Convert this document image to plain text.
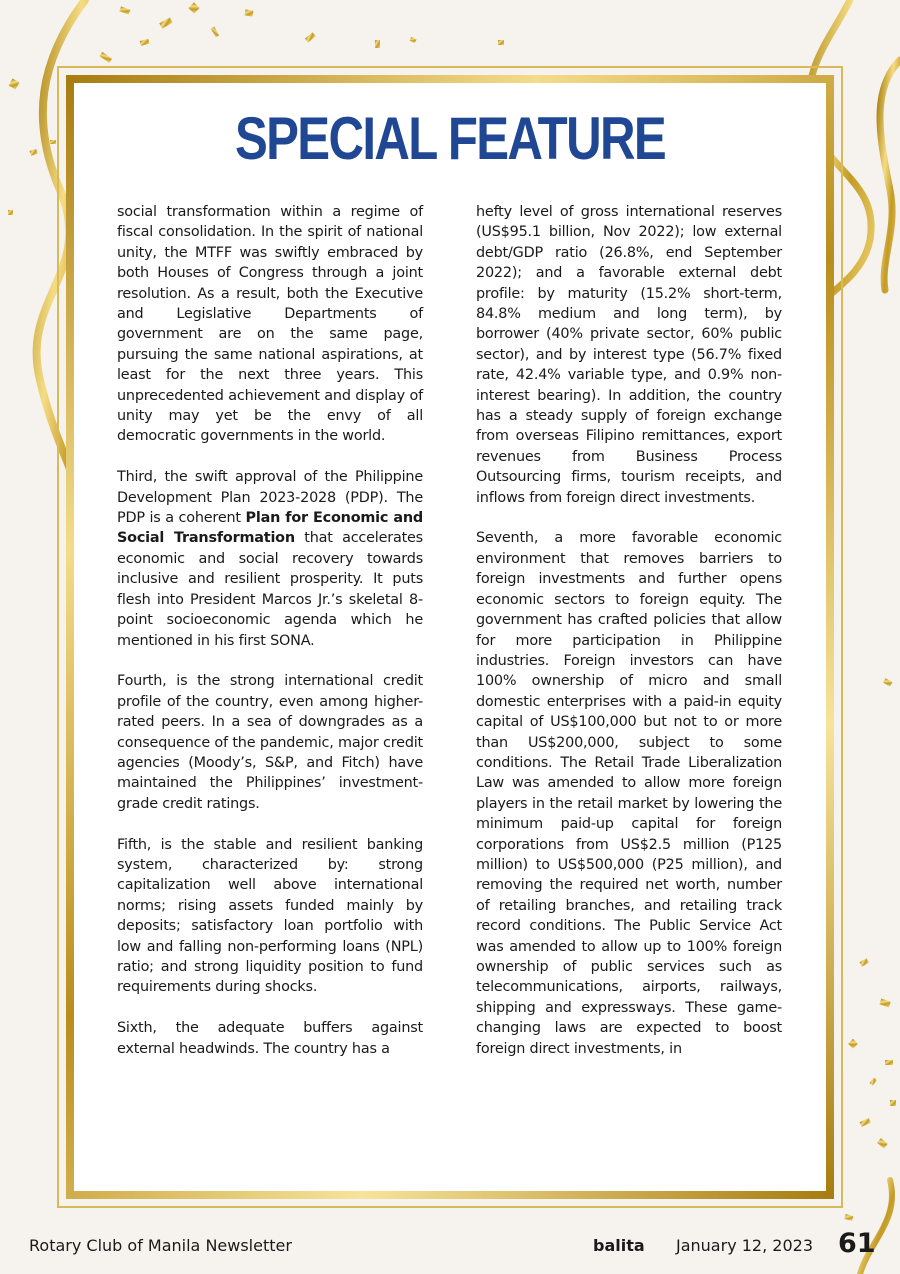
SPECIAL FEATURE

social transformation within a regime of fiscal consolidation. In the spirit of national unity, the MTFF was swiftly embraced by both Houses of Congress through a joint resolution. As a result, both the Executive and Legislative Departments of government are on the same page, pursuing the same national aspirations, at least for the next three years. This unprecedented achievement and display of unity may yet be the envy of all democratic governments in the world.

Third, the swift approval of the Philippine Development Plan 2023-2028 (PDP). The PDP is a coherent Plan for Economic and Social Transformation that accelerates economic and social recovery towards inclusive and resilient prosperity. It puts flesh into President Marcos Jr.’s skeletal 8-point socioeconomic agenda which he mentioned in his first SONA.

Fourth, is the strong international credit profile of the country, even among higher-rated peers. In a sea of downgrades as a consequence of the pandemic, major credit agencies (Moody’s, S&P, and Fitch) have maintained the Philippines’ investment-grade credit ratings.

Fifth, is the stable and resilient banking system, characterized by: strong capitalization well above international norms; rising assets funded mainly by deposits; satisfactory loan portfolio with low and falling non-performing loans (NPL) ratio; and strong liquidity position to fund requirements during shocks.

Sixth, the adequate buffers against external headwinds. The country has a

hefty level of gross international reserves (US$95.1 billion, Nov 2022); low external debt/GDP ratio (26.8%, end September 2022); and a favorable external debt profile: by maturity (15.2% short-term, 84.8% medium and long term), by borrower (40% private sector, 60% public sector), and by interest type (56.7% fixed rate, 42.4% variable type, and 0.9% non-interest bearing). In addition, the country has a steady supply of foreign exchange from overseas Filipino remittances, export revenues from Business Process Outsourcing firms, tourism receipts, and inflows from foreign direct investments.

Seventh, a more favorable economic environment that removes barriers to foreign investments and further opens economic sectors to foreign equity. The government has crafted policies that allow for more participation in Philippine industries. Foreign investors can have 100% ownership of micro and small domestic enterprises with a paid-in equity capital of US$100,000 but not to or more than US$200,000, subject to some conditions. The Retail Trade Liberalization Law was amended to allow more foreign players in the retail market by lowering the minimum paid-up capital for foreign corporations from US$2.5 million (P125 million) to US$500,000 (P25 million), and removing the required net worth, number of retailing branches, and retailing track record conditions. The Public Service Act was amended to allow up to 100% foreign ownership of public services such as telecommunications, airports, railways, shipping and expressways. These game-changing laws are expected to boost foreign direct investments, in

Rotary Club of Manila Newsletter	balita January 12, 2023 61
